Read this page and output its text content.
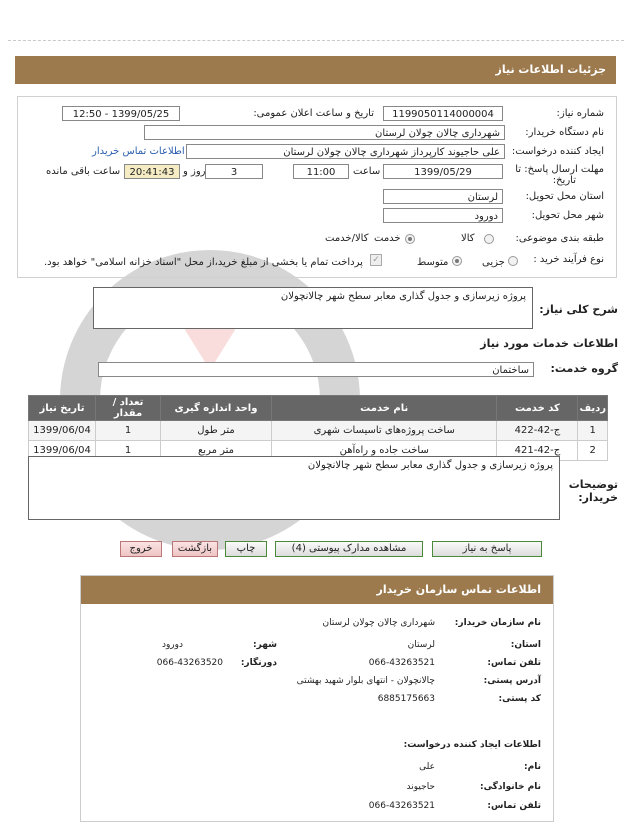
جزئیات اطلاعات نیاز
شماره نیاز:
1199050114000004
تاریخ و ساعت اعلان عمومی:
1399/05/25 - 12:50
نام دستگاه خریدار:
شهرداری چالان چولان لرستان
ایجاد کننده درخواست:
علی حاجیوند کارپرداز شهرداری چالان چولان لرستان
اطلاعات تماس خریدار
مهلت ارسال پاسخ: تا
تاریخ:
1399/05/29
ساعت
11:00
3
روز و
20:41:43
ساعت باقی مانده
استان محل تحویل:
لرستان
شهر محل تحویل:
دورود
طبقه بندی موضوعی:
کالا
خدمت
کالا/خدمت
نوع فرآیند خرید :
جزیی
متوسط
✓
پرداخت تمام یا بخشی از مبلغ خرید،از محل "اسناد خزانه اسلامی" خواهد بود.
شرح کلی نیاز:
پروژه زیرسازی و جدول گذاری معابر سطح شهر چالانچولان
اطلاعات خدمات مورد نیاز
گروه خدمت:
ساختمان
ردیف	کد خدمت	نام خدمت	واحد اندازه گیری	تعداد / مقدار	تاریخ نیاز
1	ج-42-422	ساخت پروژه‌های تاسیسات شهری	متر طول	1	1399/06/04
2	ج-42-421	ساخت جاده و راه‌آهن	متر مربع	1	1399/06/04
توضیحات خریدار:
پروژه زیرسازی و جدول گذاری معابر سطح شهر چالانچولان
پاسخ به نیاز
مشاهده مدارک پیوستی (4)
چاپ
بازگشت
خروج
اطلاعات تماس سازمان خریدار
نام سازمان خریدار:
شهرداری چالان چولان لرستان
استان:
لرستان
شهر:
دورود
تلفن تماس:
066-43263521
دورنگار:
066-43263520
آدرس پستی:
چالانچولان - انتهای بلوار شهید بهشتی
کد پستی:
6885175663
اطلاعات ایجاد کننده درخواست:
نام:
علی
نام خانوادگی:
حاجیوند
تلفن تماس:
066-43263521
